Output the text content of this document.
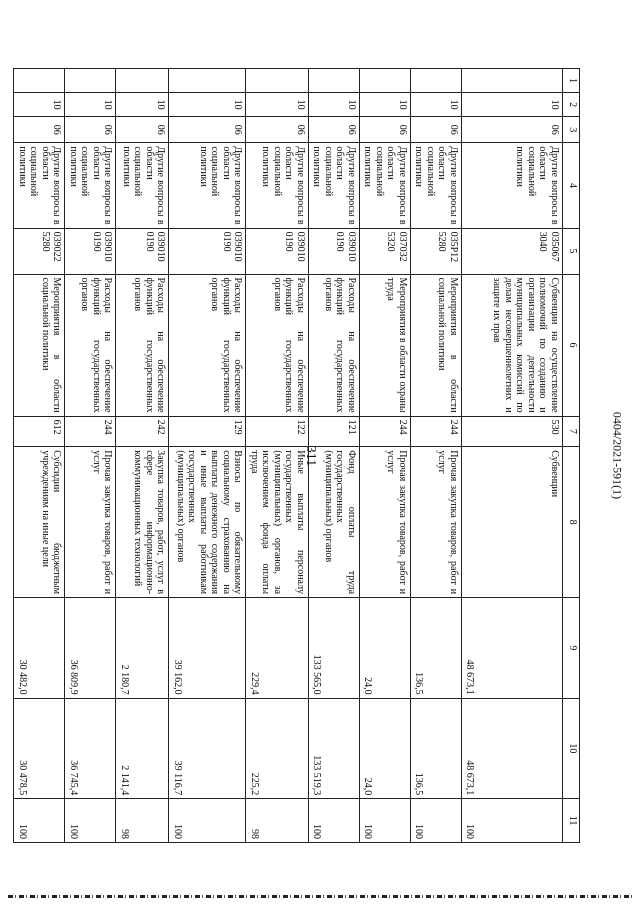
311	0404/2021-591(1)
1	2	3	4	5	6	7	8	9	10	11
	10	06	Другие вопросы в области социальной политики	035067 3040	Субвенции на осуществление полномочий по созданию и организации деятельности муниципальных комиссий по делам несовершеннолетних и защите их прав	530	Субвенции	48 673,1	48 673,1	100
	10	06	Другие вопросы в области социальной политики	035P12 5280	Мероприятия в области социальной политики	244	Прочая закупка товаров, работ и услуг	136,5	136,5	100
	10	06	Другие вопросы в области социальной политики	037032 5320	Мероприятия в области охраны труда	244	Прочая закупка товаров, работ и услуг	24,0	24,0	100
	10	06	Другие вопросы в области социальной политики	039010 0190	Расходы на обеспечение функций государственных органов	121	Фонд оплаты труда государственных (муниципальных) органов	133 565,0	133 519,3	100
	10	06	Другие вопросы в области социальной политики	039010 0190	Расходы на обеспечение функций государственных органов	122	Иные выплаты персоналу государственных (муниципальных) органов, за исключением фонда оплаты труда	229,4	225,2	98
	10	06	Другие вопросы в области социальной политики	039010 0190	Расходы на обеспечение функций государственных органов	129	Взносы по обязательному социальному страхованию на выплаты денежного содержания и иные выплаты работникам государственных (муниципальных) органов	39 162,0	39 116,7	100
	10	06	Другие вопросы в области социальной политики	039010 0190	Расходы на обеспечение функций государственных органов	242	Закупка товаров, работ, услуг в сфере информационно-коммуникационных технологий	2 180,7	2 141,4	98
	10	06	Другие вопросы в области социальной политики	039010 0190	Расходы на обеспечение функций государственных органов	244	Прочая закупка товаров, работ и услуг	36 809,9	36 745,4	100
	10	06	Другие вопросы в области социальной политики	039022 5280	Мероприятия в области социальной политики	612	Субсидии бюджетным учреждениям на иные цели	30 482,0	30 478,5	100
